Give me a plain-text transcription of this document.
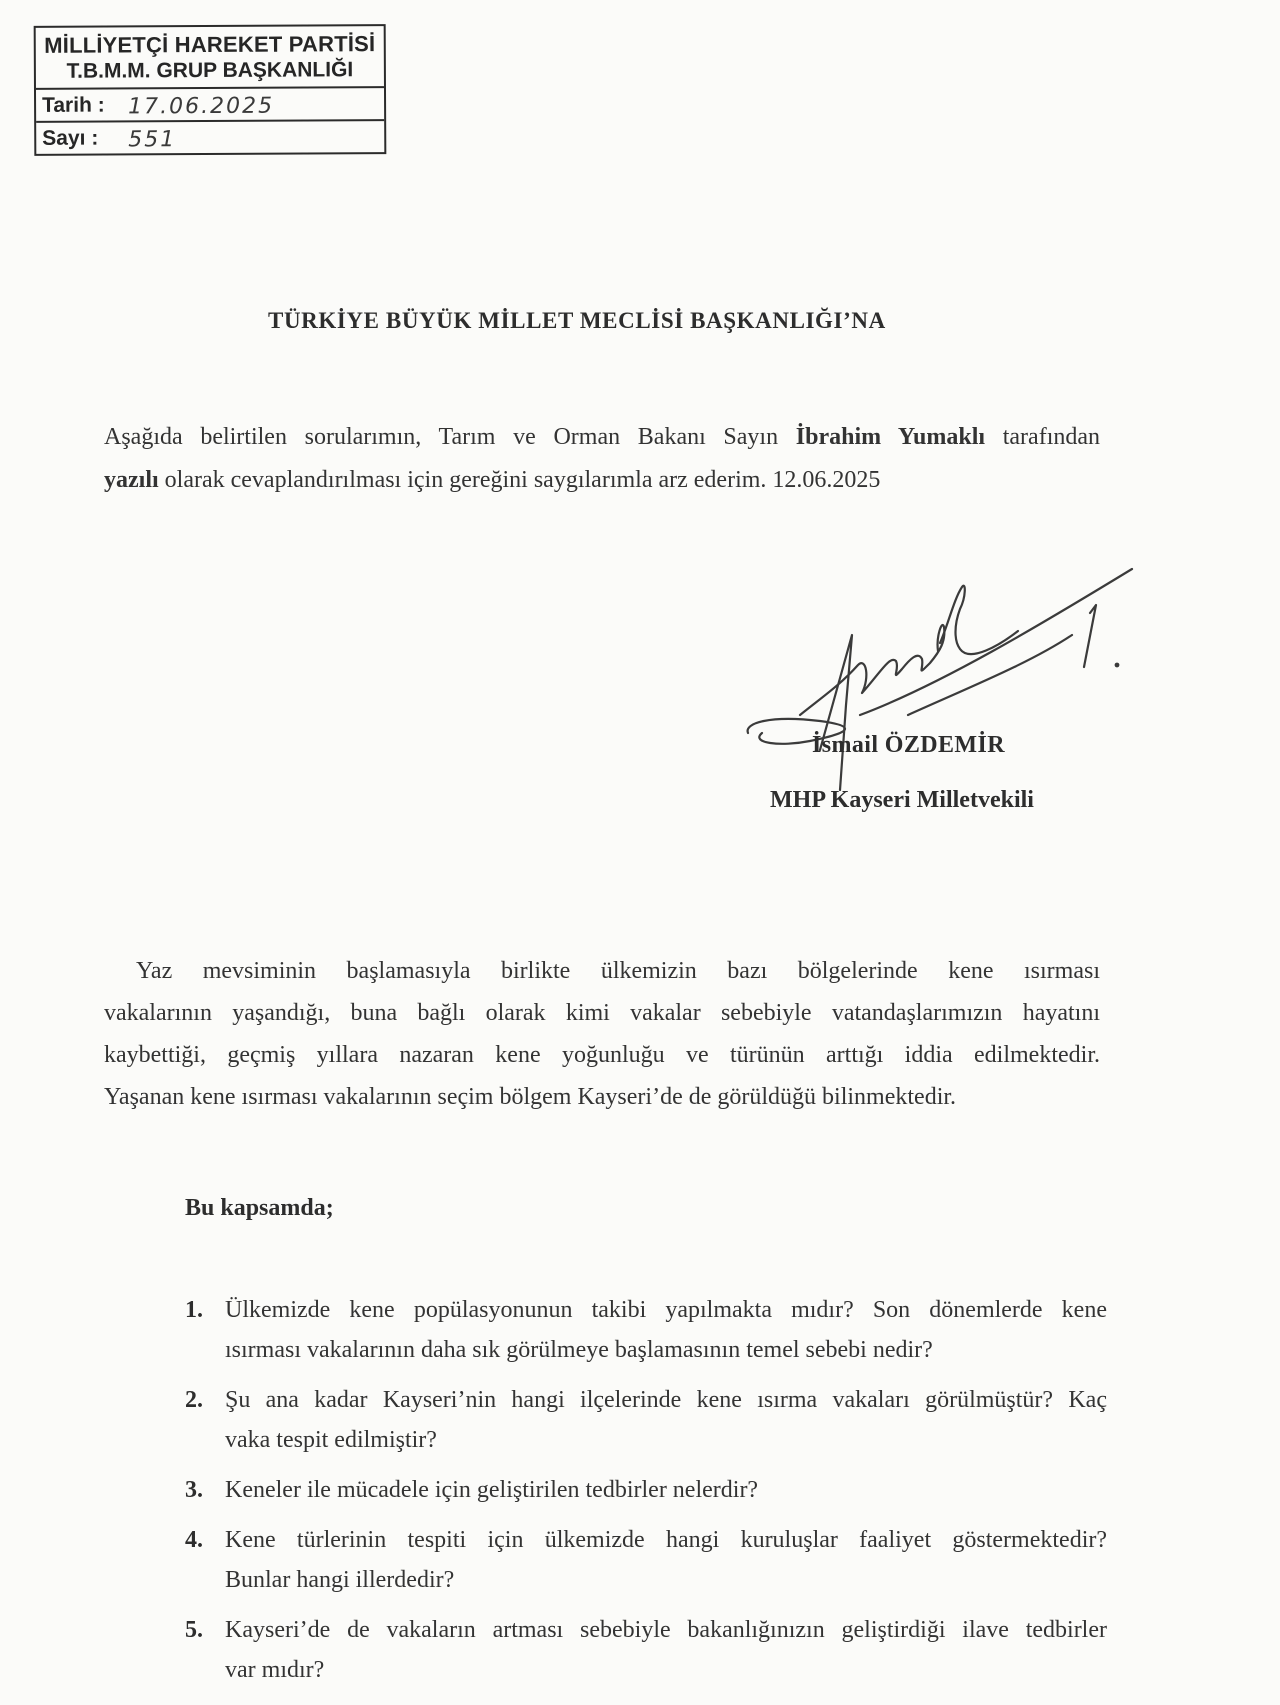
MİLLİYETÇİ HAREKET PARTİSİ
T.B.M.M. GRUP BAŞKANLIĞI
Tarih : 17.06.2025
Sayı : 551
TÜRKİYE BÜYÜK MİLLET MECLİSİ BAŞKANLIĞI’NA
Aşağıda belirtilen sorularımın, Tarım ve Orman Bakanı Sayın İbrahim Yumaklı tarafından
yazılı olarak cevaplandırılması için gereğini saygılarımla arz ederim. 12.06.2025
İsmail ÖZDEMİR
MHP Kayseri Milletvekili
Yaz mevsiminin başlamasıyla birlikte ülkemizin bazı bölgelerinde kene ısırması
vakalarının yaşandığı, buna bağlı olarak kimi vakalar sebebiyle vatandaşlarımızın hayatını
kaybettiği, geçmiş yıllara nazaran kene yoğunluğu ve türünün arttığı iddia edilmektedir.
Yaşanan kene ısırması vakalarının seçim bölgem Kayseri’de de görüldüğü bilinmektedir.
Bu kapsamda;
1. Ülkemizde kene popülasyonunun takibi yapılmakta mıdır? Son dönemlerde kene
ısırması vakalarının daha sık görülmeye başlamasının temel sebebi nedir?
2. Şu ana kadar Kayseri’nin hangi ilçelerinde kene ısırma vakaları görülmüştür? Kaç
vaka tespit edilmiştir?
3. Keneler ile mücadele için geliştirilen tedbirler nelerdir?
4. Kene türlerinin tespiti için ülkemizde hangi kuruluşlar faaliyet göstermektedir?
Bunlar hangi illerdedir?
5. Kayseri’de de vakaların artması sebebiyle bakanlığınızın geliştirdiği ilave tedbirler
var mıdır?
